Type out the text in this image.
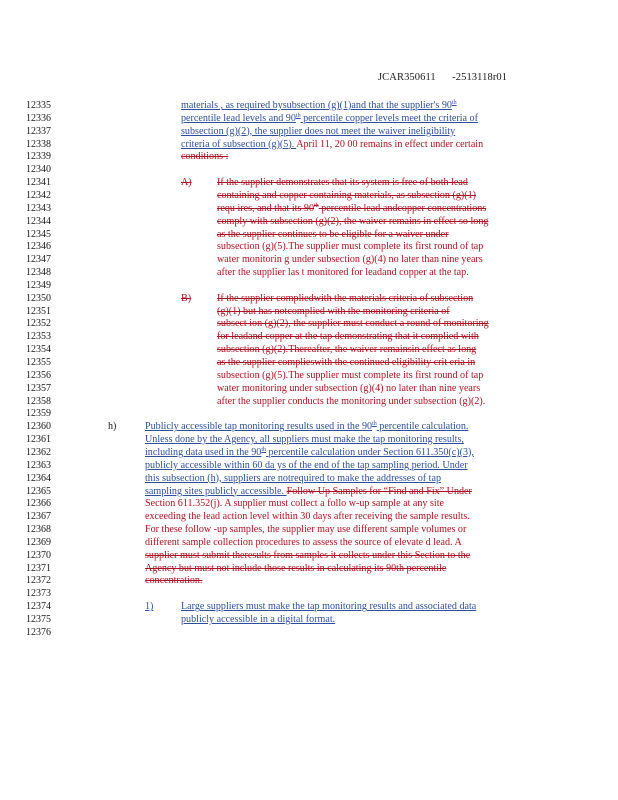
JCAR350611 -2513118r01
12335
12336
12337
12338
12339
12340
12341
12342
12343
12344
12345
12346
12347
12348
12349
12350
12351
12352
12353
12354
12355
12356
12357
12358
12359
12360
12361
12362
12363
12364
12365
12366
12367
12368
12369
12370
12371
12372
12373
12374
12375
12376
materials , as required bysubsection (g)(1)and that the supplier's 90th
percentile lead levels and 90th percentile copper levels meet the criteria of
subsection (g)(2), the supplier does not meet the waiver ineligibility
criteria of subsection (g)(5). April 11, 20 00 remains in effect under certain
conditions :
A)	If the supplier demonstrates that its system is free of both lead
containing and copper containing materials, as subsection (g)(1)
requ ires, and that its 90th percentile lead andcopper concentrations
comply with subsection (g)(2), the waiver remains in effect so long
as the supplier continues to be eligible for a waiver under
subsection (g)(5).The supplier must complete its first round of tap
water monitorin g under subsection (g)(4) no later than nine years
after the supplier las t monitored for leadand copper at the tap.
B)	If the supplier compliedwith the materials criteria of subsection
(g)(1) but has notcomplied with the monitoring criteria of
subsect ion (g)(2), the supplier must conduct a round of monitoring
for leadand copper at the tap demonstrating that it complied with
subsection (g)(2).Thereafter, the waiver remainsin effect as long
as the supplier complieswith the continued eligibility crit eria in
subsection (g)(5).The supplier must complete its first round of tap
water monitoring under subsection (g)(4) no later than nine years
after the supplier conducts the monitoring under subsection (g)(2).
h)	Publicly accessible tap monitoring results used in the 90th percentile calculation.
Unless done by the Agency, all suppliers must make the tap monitoring results,
including data used in the 90th percentile calculation under Section 611.350(c)(3),
publicly accessible within 60 da ys of the end of the tap sampling period. Under
this subsection (h), suppliers are notrequired to make the addresses of tap
sampling sites publicly accessible. Follow Up Samples for “Find and Fix” Under
Section 611.352(j). A supplier must collect a follo w-up sample at any site
exceeding the lead action level within 30 days after receiving the sample results.
For these follow -up samples, the supplier may use different sample volumes or
different sample collection procedures to assess the source of elevate d lead. A
supplier must submit theresults from samples it collects under this Section to the
Agency but must not include those results in calculating its 90th percentile
concentration.
1)	Large suppliers must make the tap monitoring results and associated data
publicly accessible in a digital format.
